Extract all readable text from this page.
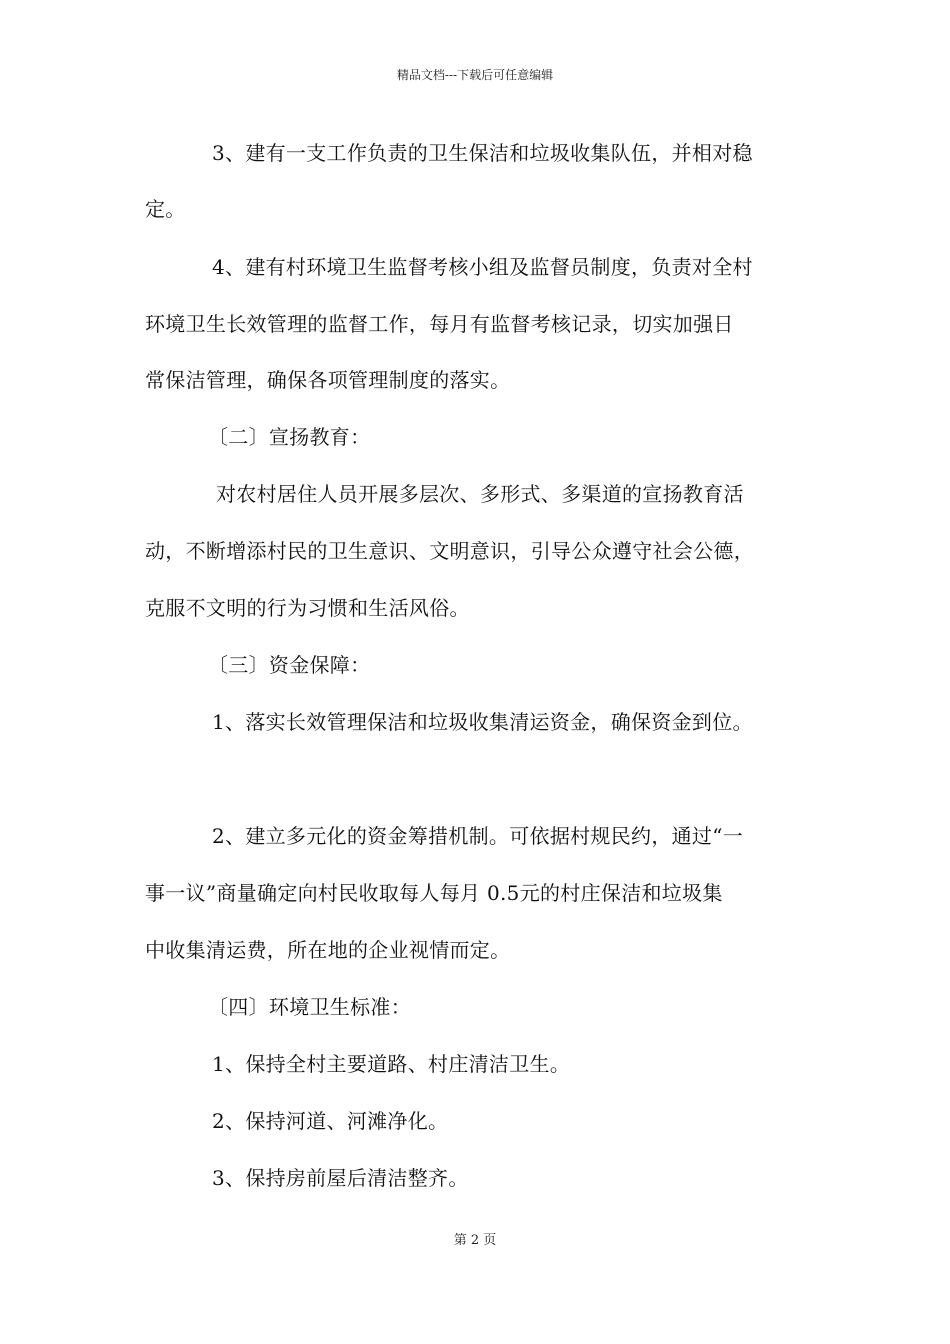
精品文档---下载后可任意编辑
3、建有一支工作负责的卫生保洁和垃圾收集队伍，并相对稳
定。
4、建有村环境卫生监督考核小组及监督员制度，负责对全村
环境卫生长效管理的监督工作，每月有监督考核记录，切实加强日
常保洁管理，确保各项管理制度的落实。
〔二〕宣扬教育：
对农村居住人员开展多层次、多形式、多渠道的宣扬教育活
动，不断增添村民的卫生意识、文明意识，引导公众遵守社会公德，
克服不文明的行为习惯和生活风俗。
〔三〕资金保障：
1、落实长效管理保洁和垃圾收集清运资金，确保资金到位。
2、建立多元化的资金筹措机制。可依据村规民约，通过“一
事一议”商量确定向村民收取每人每月 0.5元的村庄保洁和垃圾集
中收集清运费，所在地的企业视情而定。
〔四〕环境卫生标准：
1、保持全村主要道路、村庄清洁卫生。
2、保持河道、河滩净化。
3、保持房前屋后清洁整齐。
第 2 页
